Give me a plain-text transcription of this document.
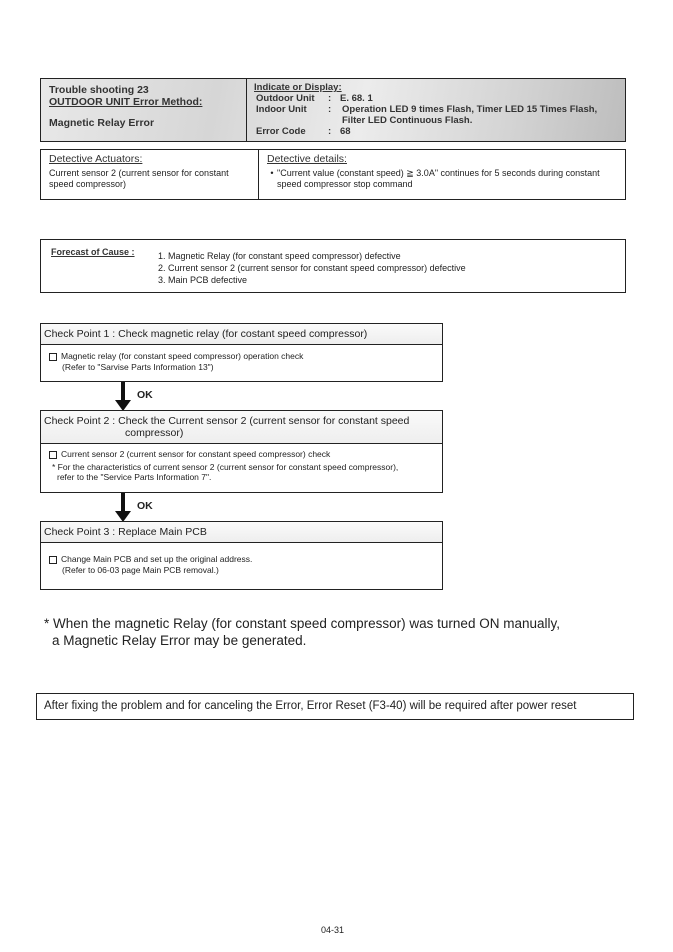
Trouble shooting 23
OUTDOOR UNIT Error Method:
Magnetic Relay Error
Indicate or Display:
Outdoor Unit	: E. 68. 1
Indoor Unit	:	Operation LED 9 times Flash, Timer LED 15 Times Flash, Filter LED Continuous Flash.
Error Code	: 68
Detective Actuators:
Current sensor 2 (current sensor for constant speed compressor)
Detective details:
• "Current value (constant speed) ≧ 3.0A" continues for 5 seconds during constant speed compressor stop command
Forecast of Cause :	1. Magnetic Relay (for constant speed compressor) defective
2. Current sensor 2 (current sensor for constant speed compressor) defective
3. Main PCB defective
Check Point 1 : Check magnetic relay (for costant speed compressor)
Magnetic relay (for constant speed compressor) operation check
(Refer to "Sarvise Parts Information 13")
OK
Check Point 2 : Check the Current sensor 2 (current sensor for constant speed
compressor)
Current sensor 2 (current sensor for constant speed compressor) check
* For the characteristics of current sensor 2 (current sensor for constant speed compressor),
refer to the "Service Parts Information 7".
OK
Check Point 3 : Replace Main PCB
Change Main PCB and set up the original address.
(Refer to 06-03 page Main PCB removal.)
* When the magnetic Relay (for constant speed compressor) was turned ON manually,
a Magnetic Relay Error may be generated.
After fixing the problem and for canceling the Error, Error Reset (F3-40) will be required after power reset
04-31
